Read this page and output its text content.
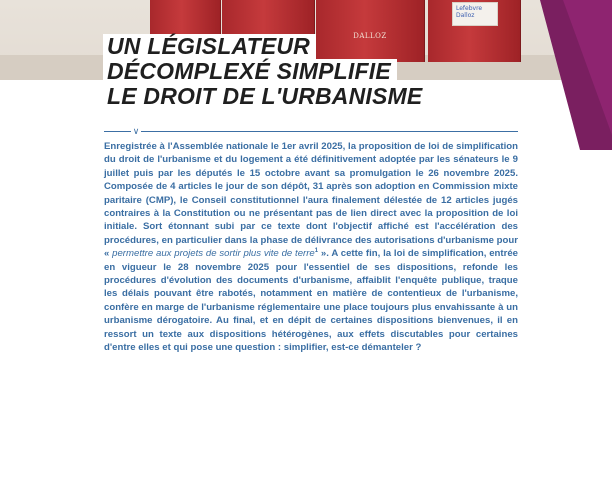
DALLOZ
Lefebvre Dalloz
UN LÉGISLATEUR
DÉCOMPLEXÉ SIMPLIFIE
LE DROIT DE L'URBANISME
∨
Enregistrée à l'Assemblée nationale le 1er avril 2025, la proposition de loi de simplification du droit de l'urbanisme et du logement a été définitivement adoptée par les sénateurs le 9 juillet puis par les députés le 15 octobre avant sa promulgation le 26 novembre 2025. Composée de 4 articles le jour de son dépôt, 31 après son adoption en Commission mixte paritaire (CMP), le Conseil constitutionnel l'aura finalement délestée de 12 articles jugés contraires à la Constitution ou ne présentant pas de lien direct avec la proposition de loi initiale. Sort étonnant subi par ce texte dont l'objectif affiché est l'accélération des procédures, en particulier dans la phase de délivrance des autorisations d'urbanisme pour « permettre aux projets de sortir plus vite de terre$^1$ ». A cette fin, la loi de simplification, entrée en vigueur le 28 novembre 2025 pour l'essentiel de ses dispositions, refonde les procédures d'évolution des documents d'urbanisme, affaiblit l'enquête publique, traque les délais pouvant être rabotés, notamment en matière de contentieux de l'urbanisme, confère en marge de l'urbanisme réglementaire une place toujours plus envahissante à un urbanisme dérogatoire. Au final, et en dépit de certaines dispositions bienvenues, il en ressort un texte aux dispositions hétérogènes, aux effets discutables pour certaines d'entre elles et qui pose une question : simplifier, est-ce démanteler ?
